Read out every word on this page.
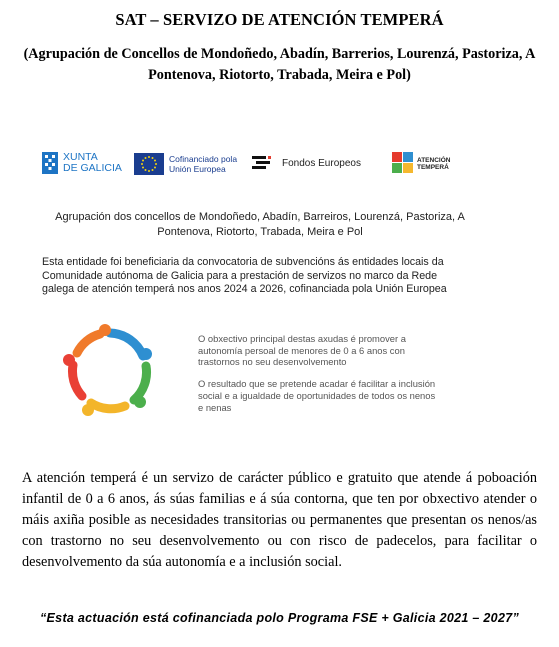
SAT – SERVIZO DE ATENCIÓN TEMPERÁ
(Agrupación de Concellos de Mondoñedo, Abadín, Barrerios, Lourenzá, Pastoriza, A Pontenova, Riotorto, Trabada, Meira e Pol)
XUNTA
DE GALICIA
Cofinanciado pola
Unión Europea
Fondos Europeos	ATENCIÓN
TEMPERÁ
Agrupación dos concellos de Mondoñedo, Abadín, Barreiros, Lourenzá, Pastoriza, A
Pontenova, Riotorto, Trabada, Meira e Pol
Esta entidade foi beneficiaria da convocatoria de subvencións ás entidades locais da Comunidade autónoma de Galicia para a prestación de servizos no marco da Rede galega de atención temperá nos anos 2024 a 2026, cofinanciada pola Unión Europea

O obxectivo principal destas axudas é promover a autonomía persoal de menores de 0 a 6 anos con trastornos no seu desenvolvemento

O resultado que se pretende acadar é facilitar a inclusión social e a igualdade de oportunidades de todos os nenos e nenas

A atención temperá é un servizo de carácter público e gratuito que atende á poboación infantil de 0 a 6 anos, ás súas familias e á súa contorna, que ten por obxectivo atender o máis axiña posible as necesidades transitorias ou permanentes que presentan os nenos/as con trastorno no seu desenvolvemento ou con risco de padecelos, para facilitar o desenvolvemento da súa autonomía e a inclusión social.
“Esta actuación está cofinanciada polo Programa FSE + Galicia 2021 – 2027”
